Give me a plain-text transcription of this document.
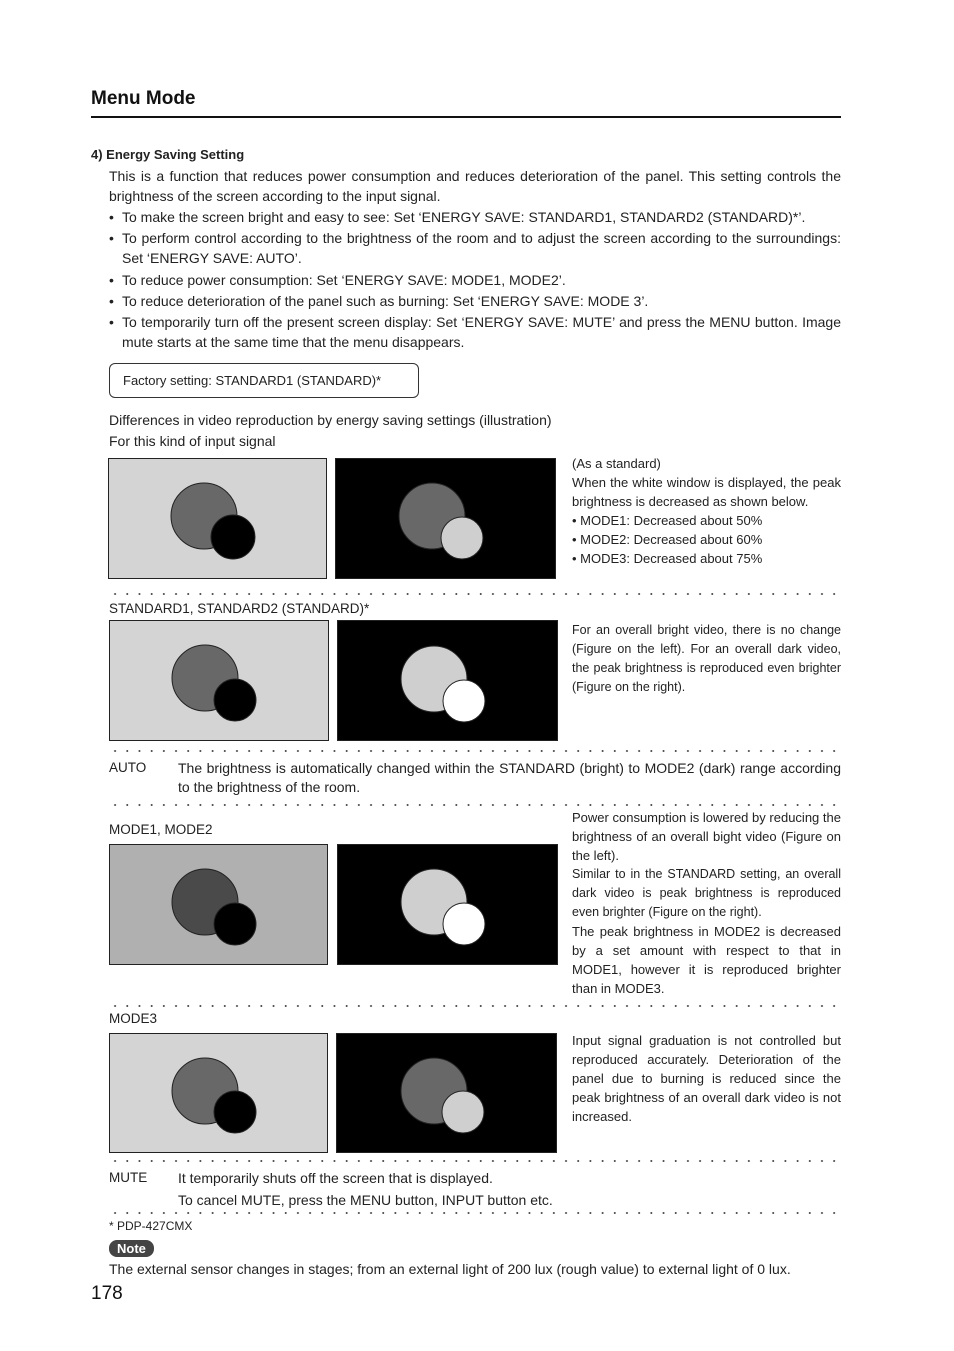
Menu Mode
4) Energy Saving Setting
This is a function that reduces power consumption and reduces deterioration of the panel. This setting controls the brightness of the screen according to the input signal.
• To make the screen bright and easy to see: Set ‘ENERGY SAVE: STANDARD1, STANDARD2 (STANDARD)*’.
• To perform control according to the brightness of the room and to adjust the screen according to the surroundings: Set ‘ENERGY SAVE: AUTO’.
• To reduce power consumption: Set ‘ENERGY SAVE: MODE1, MODE2’.
• To reduce deterioration of the panel such as burning: Set ‘ENERGY SAVE: MODE 3’.
• To temporarily turn off the present screen display: Set ‘ENERGY SAVE: MUTE’ and press the MENU button. Image mute starts at the same time that the menu disappears.
Factory setting: STANDARD1 (STANDARD)*
Differences in video reproduction by energy saving settings (illustration)
For this kind of input signal
(As a standard)
When the white window is displayed, the peak brightness is decreased as shown below.
• MODE1: Decreased about 50%
• MODE2: Decreased about 60%
• MODE3: Decreased about 75%
STANDARD1, STANDARD2 (STANDARD)*
For an overall bright video, there is no change (Figure on the left). For an overall dark video, the peak brightness is reproduced even brighter (Figure on the right).
AUTO The brightness is automatically changed within the STANDARD (bright) to MODE2 (dark) range according to the brightness of the room.
MODE1, MODE2
Power consumption is lowered by reducing the brightness of an overall bight video (Figure on the left).
Similar to in the STANDARD setting, an overall dark video is peak brightness is reproduced even brighter (Figure on the right).
The peak brightness in MODE2 is decreased by a set amount with respect to that in MODE1, however it is reproduced brighter than in MODE3.
MODE3
Input signal graduation is not controlled but reproduced accurately. Deterioration of the panel due to burning is reduced since the peak brightness of an overall dark video is not increased.
MUTE It temporarily shuts off the screen that is displayed.
To cancel MUTE, press the MENU button, INPUT button etc.
* PDP-427CMX
Note
The external sensor changes in stages; from an external light of 200 lux (rough value) to external light of 0 lux.
178
